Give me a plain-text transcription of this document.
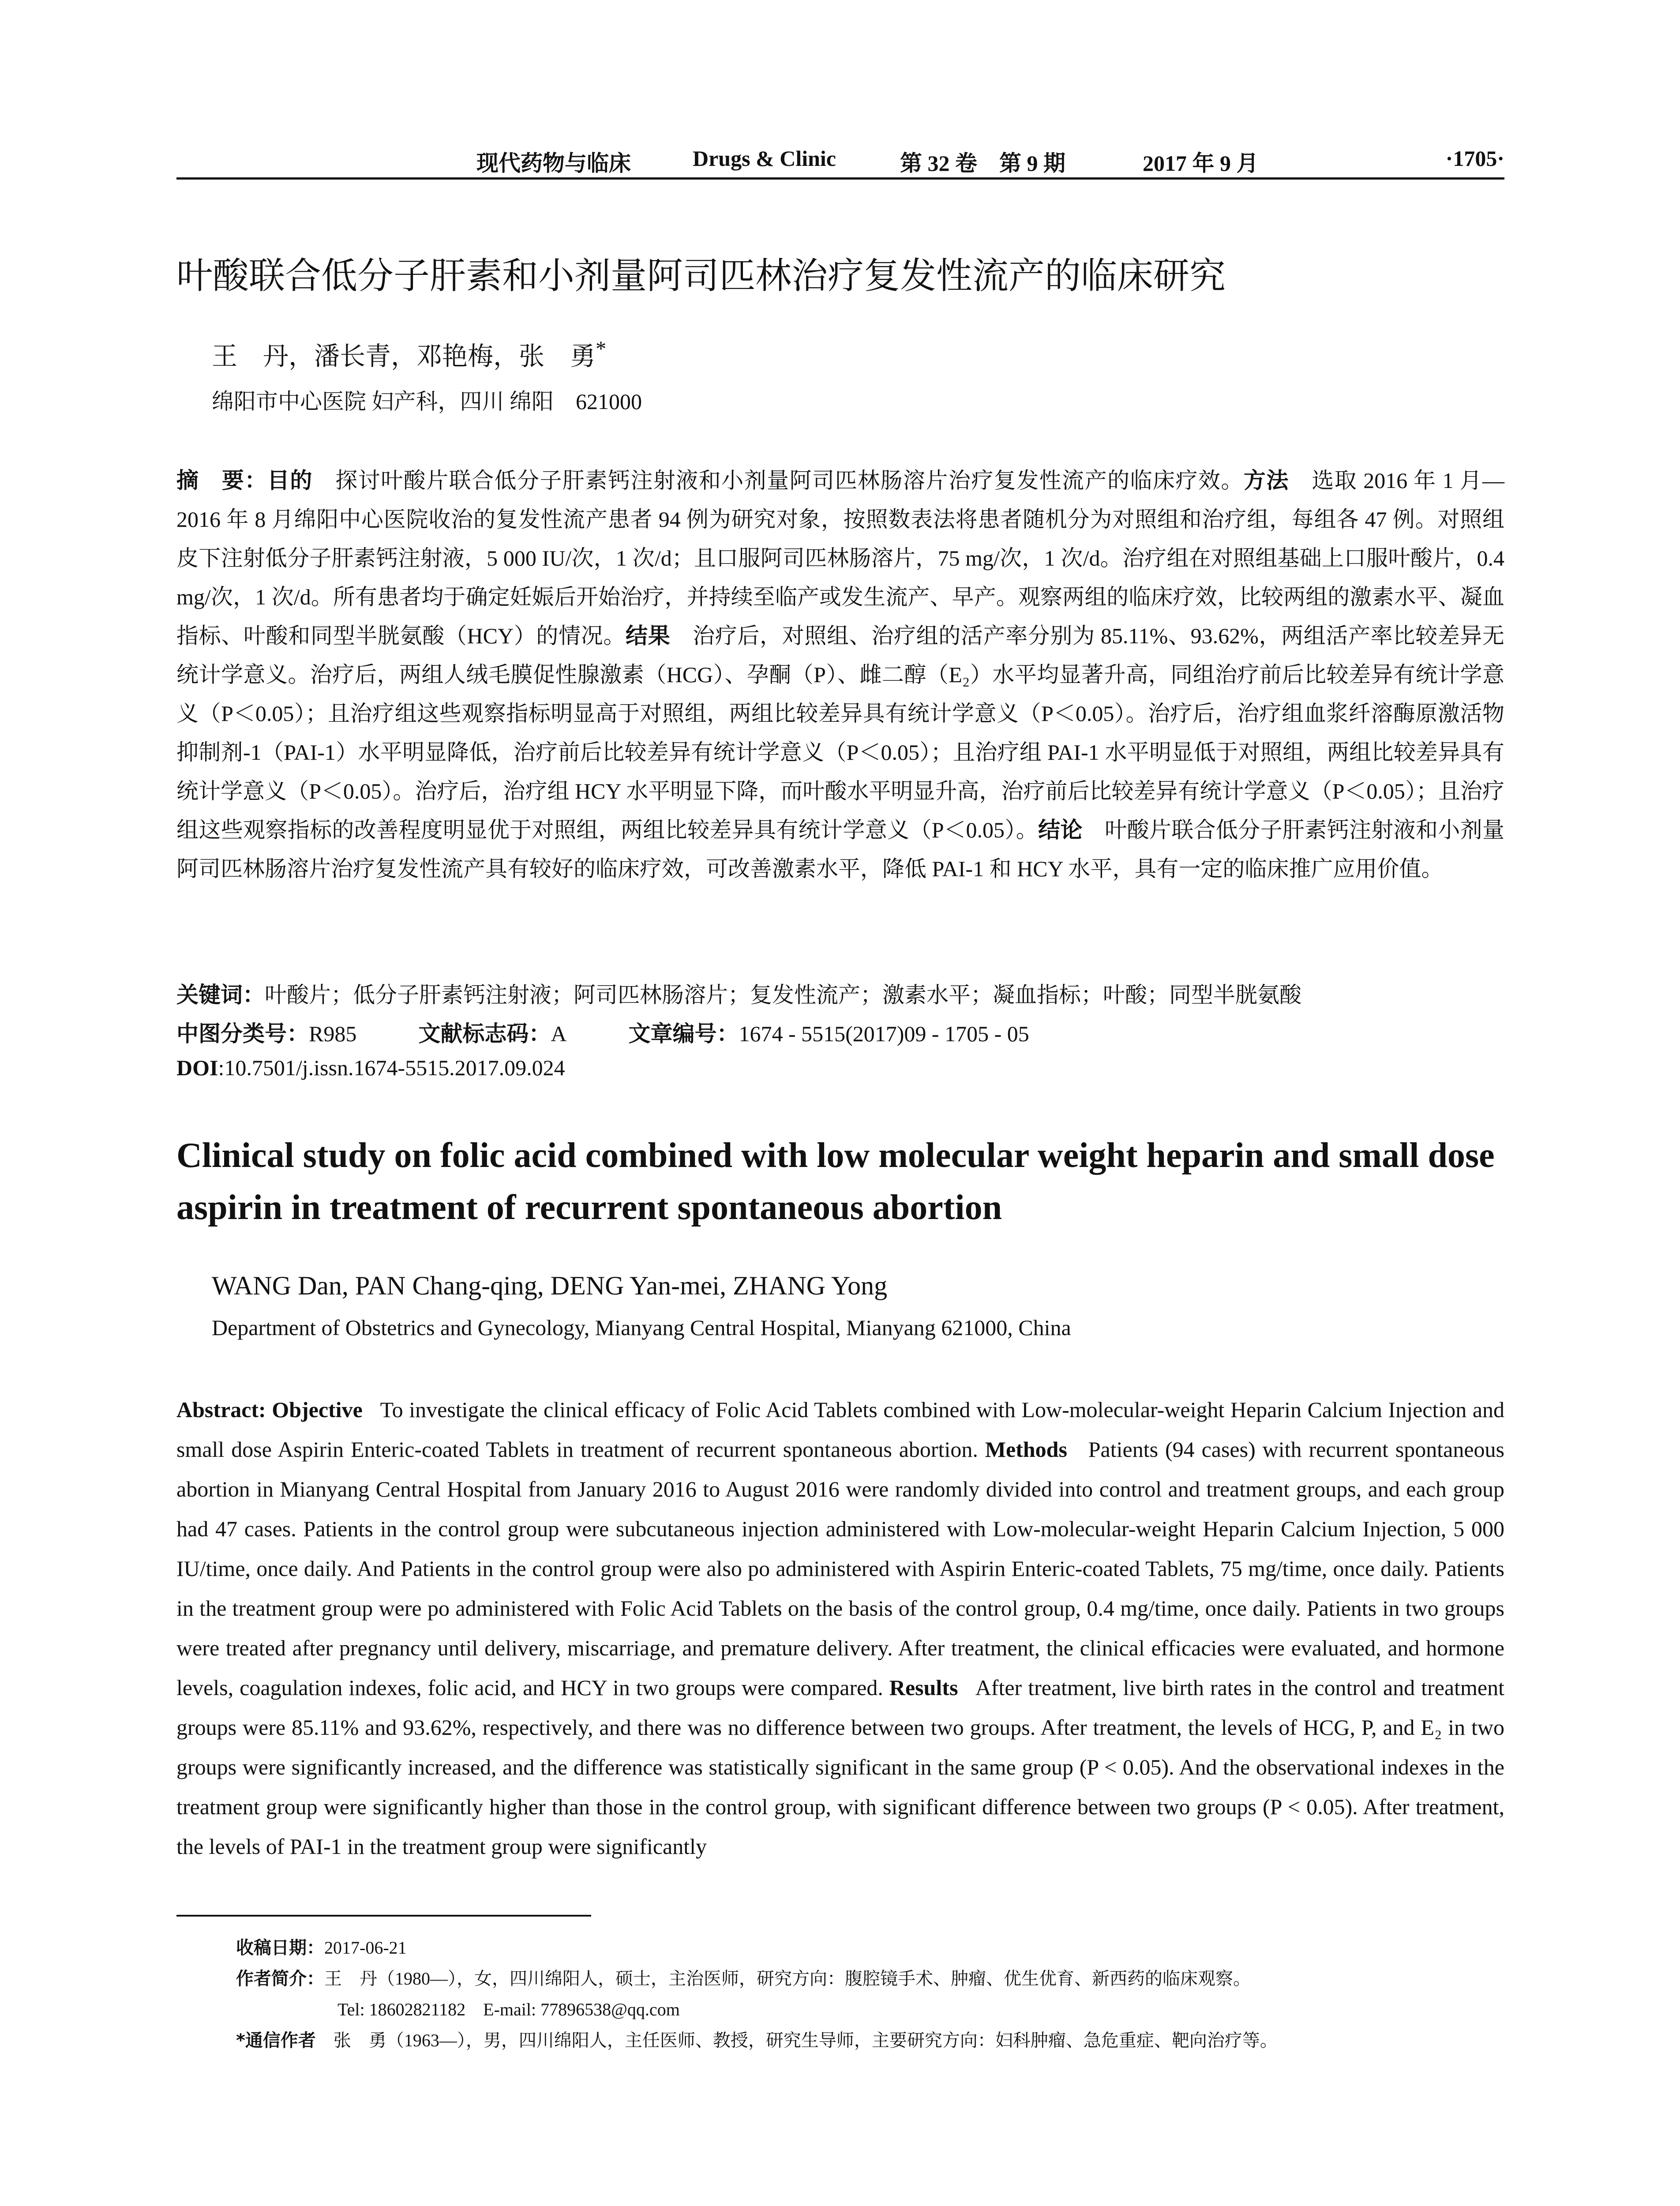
现代药物与临床	Drugs & Clinic	第 32 卷　第 9 期	2017 年 9 月	·1705·
叶酸联合低分子肝素和小剂量阿司匹林治疗复发性流产的临床研究
王　丹，潘长青，邓艳梅，张　勇*
绵阳市中心医院 妇产科，四川 绵阳　621000
摘　要：目的　 探讨叶酸片联合低分子肝素钙注射液和小剂量阿司匹林肠溶片治疗复发性流产的临床疗效。方法　 选取 2016 年 1 月—2016 年 8 月绵阳中心医院收治的复发性流产患者 94 例为研究对象，按照数表法将患者随机分为对照组和治疗组，每组各 47 例。对照组皮下注射低分子肝素钙注射液，5 000 IU/次，1 次/d；且口服阿司匹林肠溶片，75 mg/次，1 次/d。治疗组在对照组基础上口服叶酸片，0.4 mg/次，1 次/d。所有患者均于确定妊娠后开始治疗，并持续至临产或发生流产、早产。观察两组的临床疗效，比较两组的激素水平、凝血指标、叶酸和同型半胱氨酸（HCY）的情况。结果　 治疗后，对照组、治疗组的活产率分别为 85.11%、93.62%，两组活产率比较差异无统计学意义。治疗后，两组人绒毛膜促性腺激素（HCG）、孕酮（P）、雌二醇（E₂）水平均显著升高，同组治疗前后比较差异有统计学意义（P＜0.05）；且治疗组这些观察指标明显高于对照组，两组比较差异具有统计学意义（P＜0.05）。治疗后，治疗组血浆纤溶酶原激活物抑制剂-1（PAI-1）水平明显降低，治疗前后比较差异有统计学意义（P＜0.05）；且治疗组 PAI-1 水平明显低于对照组，两组比较差异具有统计学意义（P＜0.05）。治疗后，治疗组 HCY 水平明显下降，而叶酸水平明显升高，治疗前后比较差异有统计学意义（P＜0.05）；且治疗组这些观察指标的改善程度明显优于对照组，两组比较差异具有统计学意义（P＜0.05）。结论　 叶酸片联合低分子肝素钙注射液和小剂量阿司匹林肠溶片治疗复发性流产具有较好的临床疗效，可改善激素水平，降低 PAI-1 和 HCY 水平，具有一定的临床推广应用价值。
关键词：叶酸片；低分子肝素钙注射液；阿司匹林肠溶片；复发性流产；激素水平；凝血指标；叶酸；同型半胱氨酸
中图分类号：R985	文献标志码：A	文章编号：1674 - 5515(2017)09 - 1705 - 05
DOI:10.7501/j.issn.1674-5515.2017.09.024
Clinical study on folic acid combined with low molecular weight heparin and small dose aspirin in treatment of recurrent spontaneous abortion
WANG Dan, PAN Chang-qing, DENG Yan-mei, ZHANG Yong
Department of Obstetrics and Gynecology, Mianyang Central Hospital, Mianyang 621000, China
Abstract: Objective To investigate the clinical efficacy of Folic Acid Tablets combined with Low-molecular-weight Heparin Calcium Injection and small dose Aspirin Enteric-coated Tablets in treatment of recurrent spontaneous abortion. Methods Patients (94 cases) with recurrent spontaneous abortion in Mianyang Central Hospital from January 2016 to August 2016 were randomly divided into control and treatment groups, and each group had 47 cases. Patients in the control group were subcutaneous injection administered with Low-molecular-weight Heparin Calcium Injection, 5 000 IU/time, once daily. And Patients in the control group were also po administered with Aspirin Enteric-coated Tablets, 75 mg/time, once daily. Patients in the treatment group were po administered with Folic Acid Tablets on the basis of the control group, 0.4 mg/time, once daily. Patients in two groups were treated after pregnancy until delivery, miscarriage, and premature delivery. After treatment, the clinical efficacies were evaluated, and hormone levels, coagulation indexes, folic acid, and HCY in two groups were compared. Results After treatment, live birth rates in the control and treatment groups were 85.11% and 93.62%, respectively, and there was no difference between two groups. After treatment, the levels of HCG, P, and E₂ in two groups were significantly increased, and the difference was statistically significant in the same group (P < 0.05). And the observational indexes in the treatment group were significantly higher than those in the control group, with significant difference between two groups (P < 0.05). After treatment, the levels of PAI-1 in the treatment group were significantly
收稿日期：2017-06-21
作者简介：王　丹（1980—），女，四川绵阳人，硕士，主治医师，研究方向：腹腔镜手术、肿瘤、优生优育、新西药的临床观察。
Tel: 18602821182　E-mail: 77896538@qq.com
*通信作者　 张　勇（1963—），男，四川绵阳人，主任医师、教授，研究生导师，主要研究方向：妇科肿瘤、急危重症、靶向治疗等。
